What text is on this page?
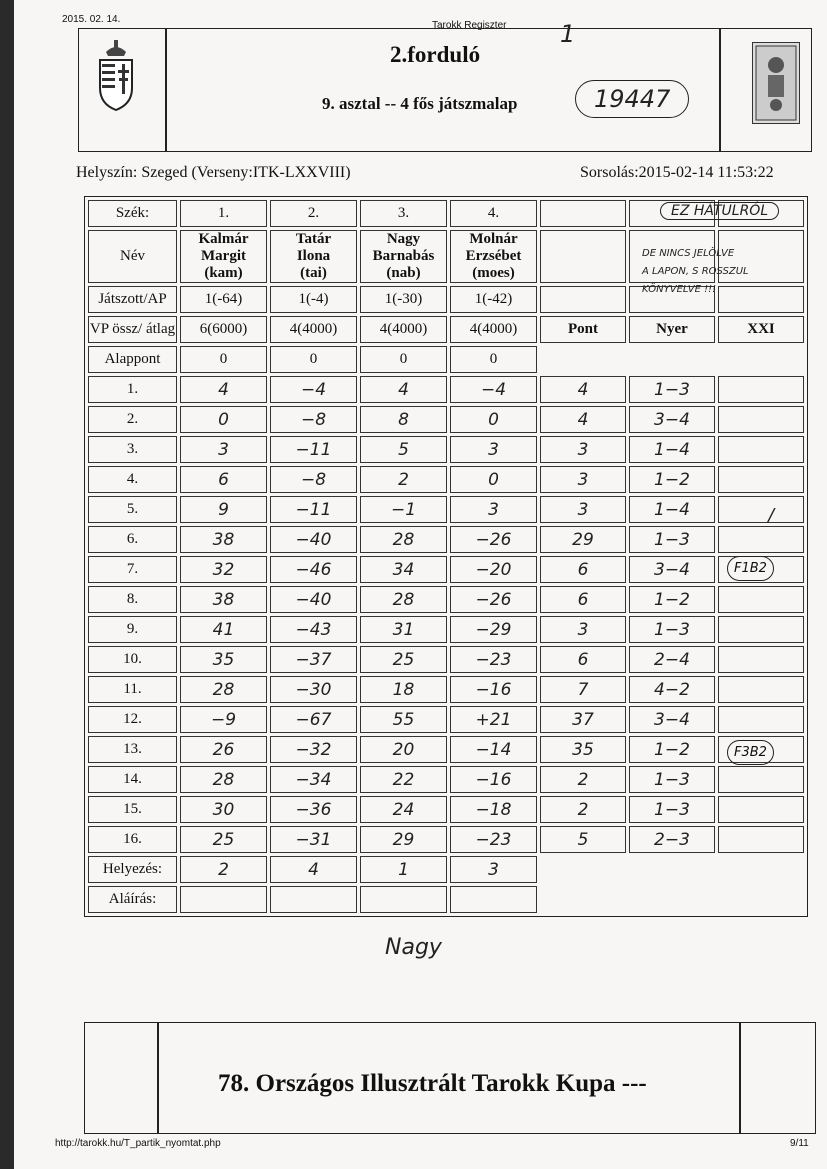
2015. 02. 14.
Tarokk Regiszter
2.forduló
9. asztal -- 4 fős játszmalap
1
19447
Helyszín: Szeged (Verseny:ITK-LXXVIII)	Sorsolás:2015-02-14 11:53:22
Szék:	1.	2.	3.	4.			
Név	Kalmár
Margit
(kam)	Tatár
Ilona
(tai)	Nagy
Barnabás
(nab)	Molnár
Erzsébet
(moes)			
Játszott/AP	1(-64)	1(-4)	1(-30)	1(-42)			
VP össz/ átlag	6(6000)	4(4000)	4(4000)	4(4000)	Pont	Nyer	XXI
Alappont	0	0	0	0			
1.	4	−4	4	−4	4	1−3	
2.	0	−8	8	0	4	3−4	
3.	3	−11	5	3	3	1−4	
4.	6	−8	2	0	3	1−2	
5.	9	−11	−1	3	3	1−4	
6.	38	−40	28	−26	29	1−3	
7.	32	−46	34	−20	6	3−4	
8.	38	−40	28	−26	6	1−2	
9.	41	−43	31	−29	3	1−3	
10.	35	−37	25	−23	6	2−4	
11.	28	−30	18	−16	7	4−2	
12.	−9	−67	55	+21	37	3−4	
13.	26	−32	20	−14	35	1−2	
14.	28	−34	22	−16	2	1−3	
15.	30	−36	24	−18	2	1−3	
16.	25	−31	29	−23	5	2−3	
Helyezés:	2	4	1	3			
Aláírás:							
EZ HÁTULRÓL
DE NINCS JELÖLVE
A LAPON, S ROSSZUL
KÖNYVELVE !!!
F1B2
F3B2
/
Nagy
78. Országos Illusztrált Tarokk Kupa ---
http://tarokk.hu/T_partik_nyomtat.php	9/11
